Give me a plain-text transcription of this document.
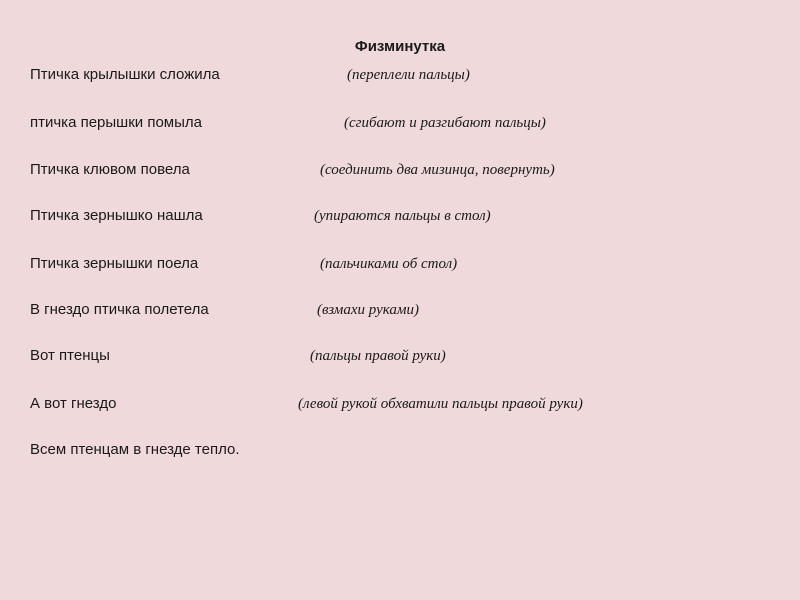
Физминутка
Птичка крылышки сложила	(переплели пальцы)
птичка перышки помыла	(сгибают и разгибают пальцы)
Птичка клювом повела	(соединить два мизинца, повернуть)
Птичка зернышко нашла	(упираются пальцы в стол)
Птичка зернышки поела	(пальчиками об стол)
В гнездо птичка полетела	(взмахи руками)
Вот птенцы	(пальцы правой руки)
А вот гнездо	(левой рукой обхватили пальцы правой руки)
Всем птенцам в гнезде тепло.
